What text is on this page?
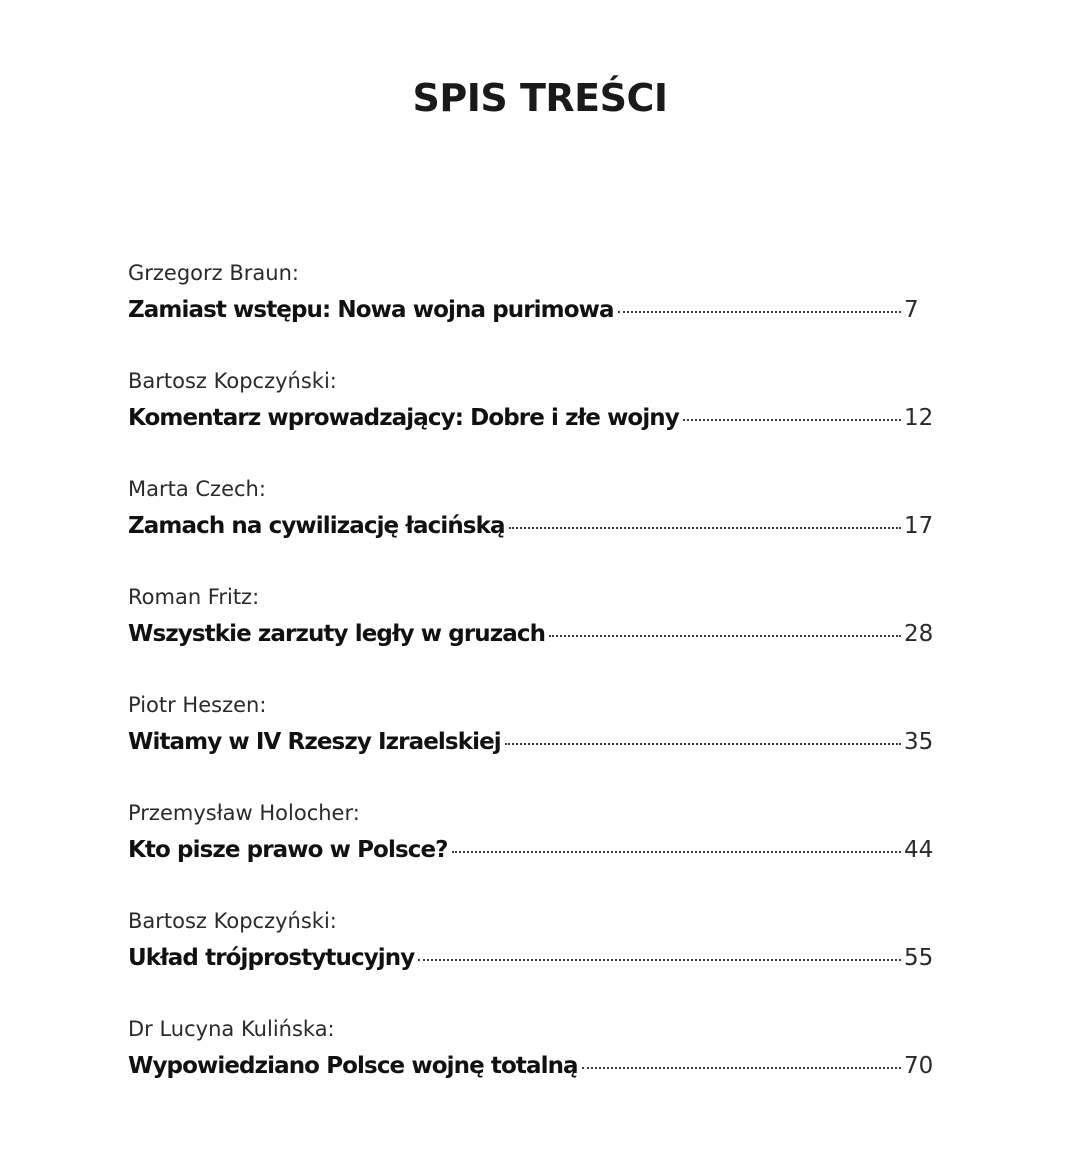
SPIS TREŚCI
Grzegorz Braun:
Zamiast wstępu: Nowa wojna purimowa	7
Bartosz Kopczyński:
Komentarz wprowadzający: Dobre i złe wojny	12
Marta Czech:
Zamach na cywilizację łacińską	17
Roman Fritz:
Wszystkie zarzuty legły w gruzach	28
Piotr Heszen:
Witamy w IV Rzeszy Izraelskiej	35
Przemysław Holocher:
Kto pisze prawo w Polsce?	44
Bartosz Kopczyński:
Układ trójprostytucyjny	55
Dr Lucyna Kulińska:
Wypowiedziano Polsce wojnę totalną	70
